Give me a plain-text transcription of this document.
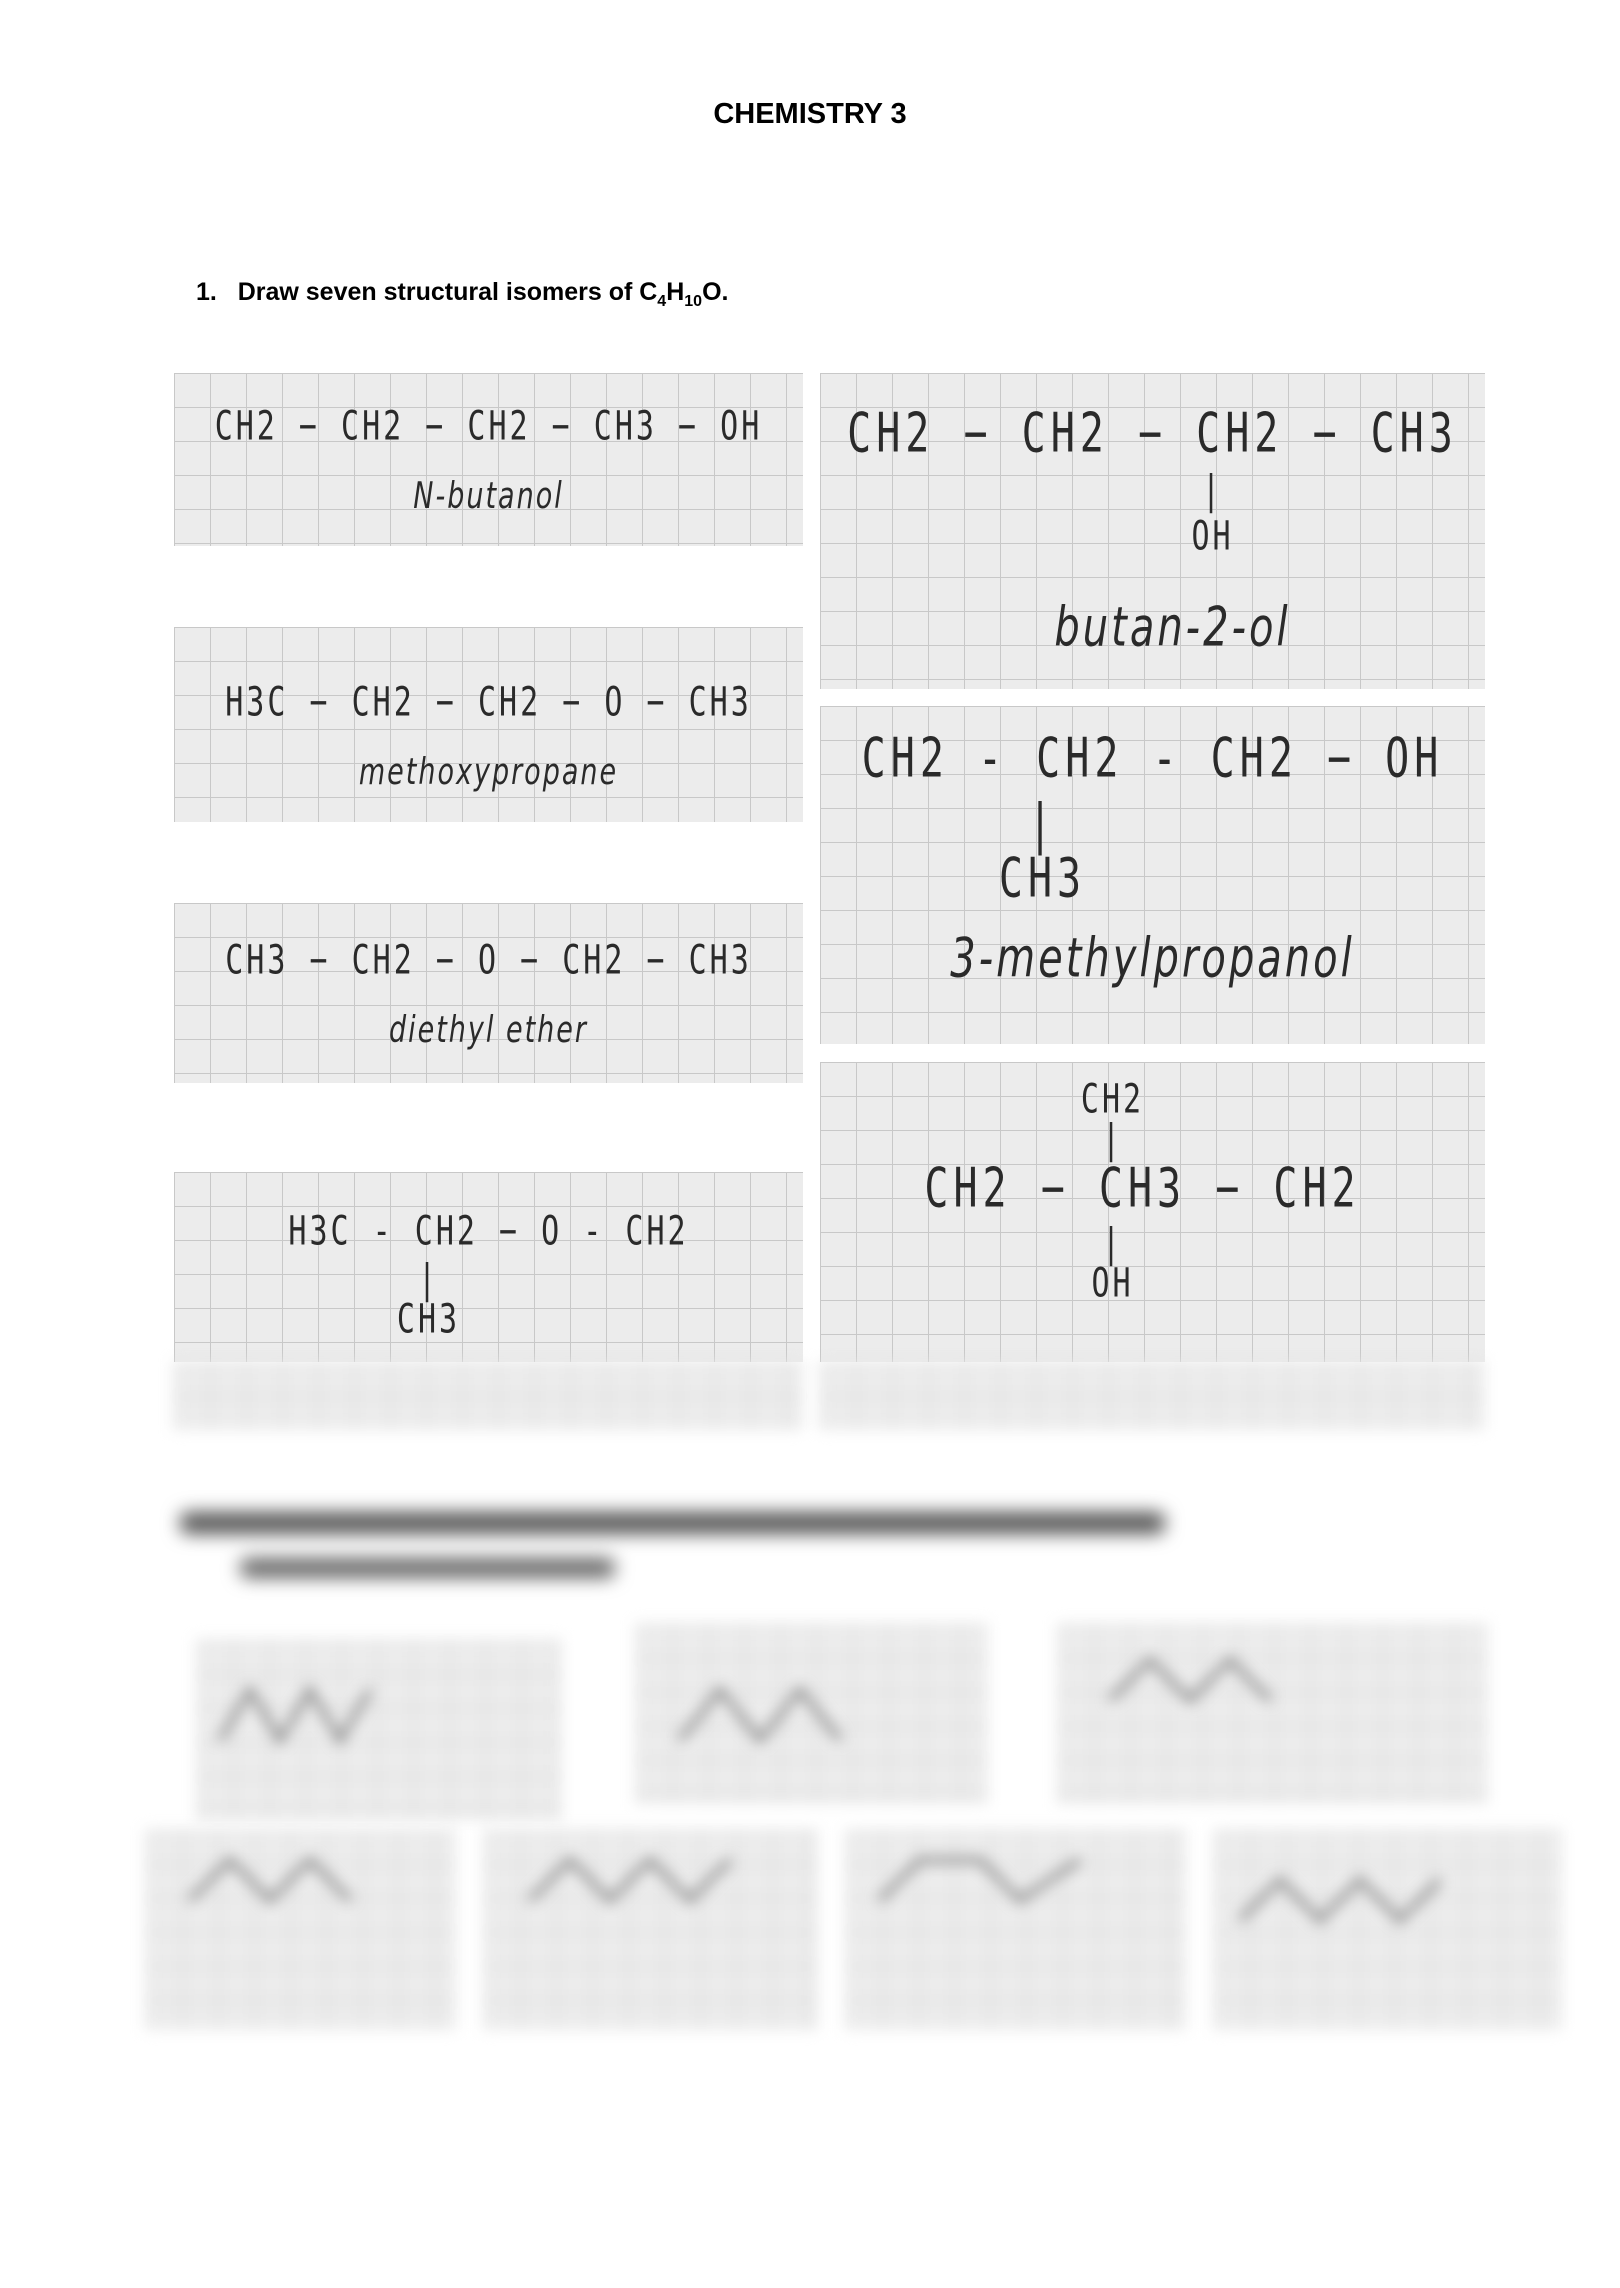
CHEMISTRY 3

1. Draw seven structural isomers of $C_4H_{10}O$.

CH2 − CH2 − CH2 − CH3 − OH
N-butanol
H3C − CH2 − CH2 − O − CH3
methoxypropane
CH3 − CH2 − O − CH2 − CH3
diethyl ether
H3C - CH2 − O - CH2
|
CH3
CH2 − CH2 − CH2 − CH3
|
OH
butan-2-ol
CH2 - CH2 - CH2 − OH
|
CH3
3-methylpropanol
CH2
|
CH2 − CH3 − CH2
|
OH
